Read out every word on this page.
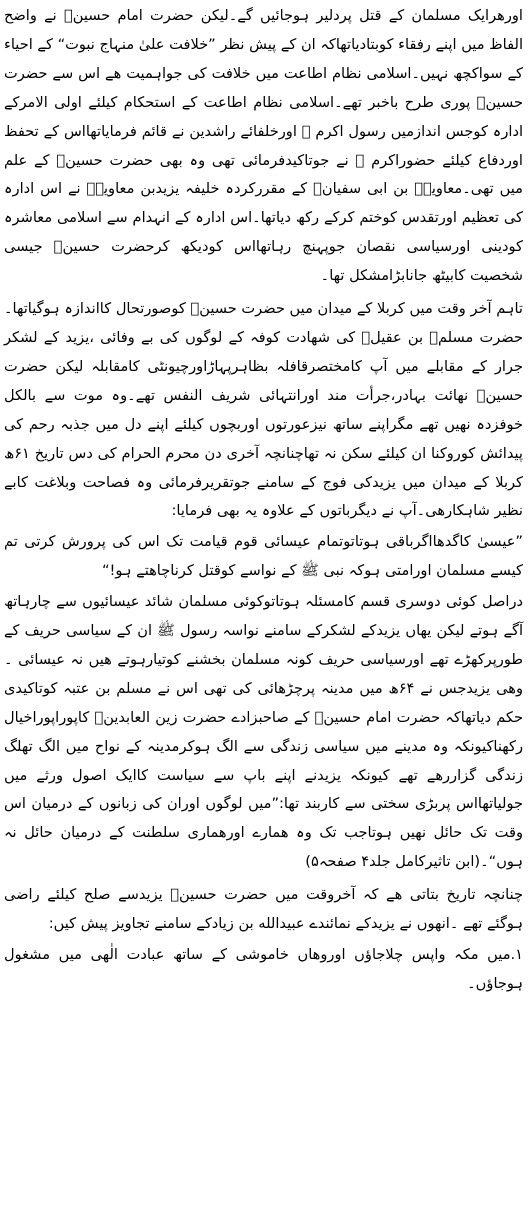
اورھرایک مسلمان کے قتل پردلیر ہوجائیں گے۔لیکن حضرت امام حسینؓ نے واضح الفاظ میں اپنے رفقاء کوبتادیاتھاکہ ان کے پیش نظر ”خلافت علیٰ منہاج نبوت“ کے احیاء کے سواکچھ نہیں۔اسلامی نظام اطاعت میں خلافت کی جواہمیت ھے اس سے حضرت حسینؓ پوری طرح باخبر تھے۔اسلامی نظام اطاعت کے استحکام کیلئے اولی الامرکے ادارہ کوجس اندازمیں رسول اکرم ﷺ اورخلفائے راشدین نے قائم فرمایاتھااس کے تحفظ اوردفاع کیلئے حضوراکرم ﷺ نے جوتاکیدفرمائی تھی وہ بھی حضرت حسینؓ کے علم میں تھی۔معاویہؓ بن ابی سفیانؓ کے مقررکردہ خلیفہ یزیدبن معاویہؓ نے اس ادارہ کی تعظیم اورتقدس کوختم کرکے رکھ دیاتھا۔اس ادارہ کے انہدام سے اسلامی معاشرہ کودینی اورسیاسی نقصان جوپہنچ رہاتھااس کودیکھ کرحضرت حسینؓ جیسی شخصیت کابیٹھ جانابڑامشکل تھا۔

تاہم آخر وقت میں کربلا کے میدان میں حضرت حسینؓ کوصورتحال کااندازہ ہوگیاتھا۔حضرت مسلمؓ بن عقیلؓ کی شھادت کوفہ کے لوگوں کی بے وفائی ،یزید کے لشکر جرار کے مقابلے میں آپ کامختصرقافلہ بظاہرپہاڑاورچیونٹی کامقابلہ لیکن حضرت حسینؓ نھائت بہادر،جرأت مند اورانتہائی شریف النفس تھے۔وہ موت سے بالکل خوفزدہ نھیں تھے مگراپنے ساتھ نیزعورتوں اوربچوں کیلئے اپنے دل میں جذبہ رحم کی پیدائش کوروکنا ان کیلئے سکن نہ تھاچنانچہ آخری دن محرم الحرام کی دس تاریخ ۶۱ھ کربلا کے میدان میں یزیدکی فوج کے سامنے جوتقریرفرمائی وہ فصاحت وبلاغت کابے نظیر شاہکارھی۔آپ نے دیگرباتوں کے علاوہ یہ بھی فرمایا:

”عیسیٰ کاگدھااگرباقی ہوتاتوتمام عیسائی قوم قیامت تک اس کی پرورش کرتی تم کیسے مسلمان اورامتی ہوکہ نبی ﷺ کے نواسے کوقتل کرناچاھتے ہو!“

دراصل کوئی دوسری قسم کامسئلہ ہوتاتوکوئی مسلمان شائد عیسائیوں سے چارہاتھ آگے ہوتے لیکن یھاں یزیدکے لشکرکے سامنے نواسہ رسول ﷺ ان کے سیاسی حریف کے طورپرکھڑے تھے اورسیاسی حریف کونہ مسلمان بخشنے کوتیارہوتے ھیں نہ عیسائی ۔وھی یزیدجس نے ۶۴ھ میں مدینہ پرچڑھائی کی تھی اس نے مسلم بن عتبہ کوتاکیدی حکم دیاتھاکہ حضرت امام حسینؓ کے صاحبزادے حضرت زین العابدینؒ کاپوراپوراخیال رکھناکیونکہ وہ مدینے میں سیاسی زندگی سے الگ ہوکرمدینہ کے نواح میں الگ تھلگ زندگی گزاررھے تھے کیونکہ یزیدنے اپنے باپ سے سیاست کاایک اصول ورثے میں جولیاتھااس پربڑی سختی سے کاربند تھا:”میں لوگوں اوران کی زبانوں کے درمیان اس وقت تک حائل نھیں ہوتاجب تک وہ ھمارے اورھماری سلطنت کے درمیان حائل نہ ہوں“۔(ابن تاثیرکامل جلد۴ صفحہ۵)

چنانچہ تاریخ بتاتی ھے کہ آخروقت میں حضرت حسینؓ یزیدسے صلح کیلئے راضی ہوگئے تھے ۔انھوں نے یزیدکے نمائندے عبیدالله بن زیادکے سامنے تجاویز پیش کیں:

۱.میں مکہ واپس چلاجاؤں اوروھاں خاموشی کے ساتھ عبادت الٰھی میں مشغول ہوجاؤں۔
